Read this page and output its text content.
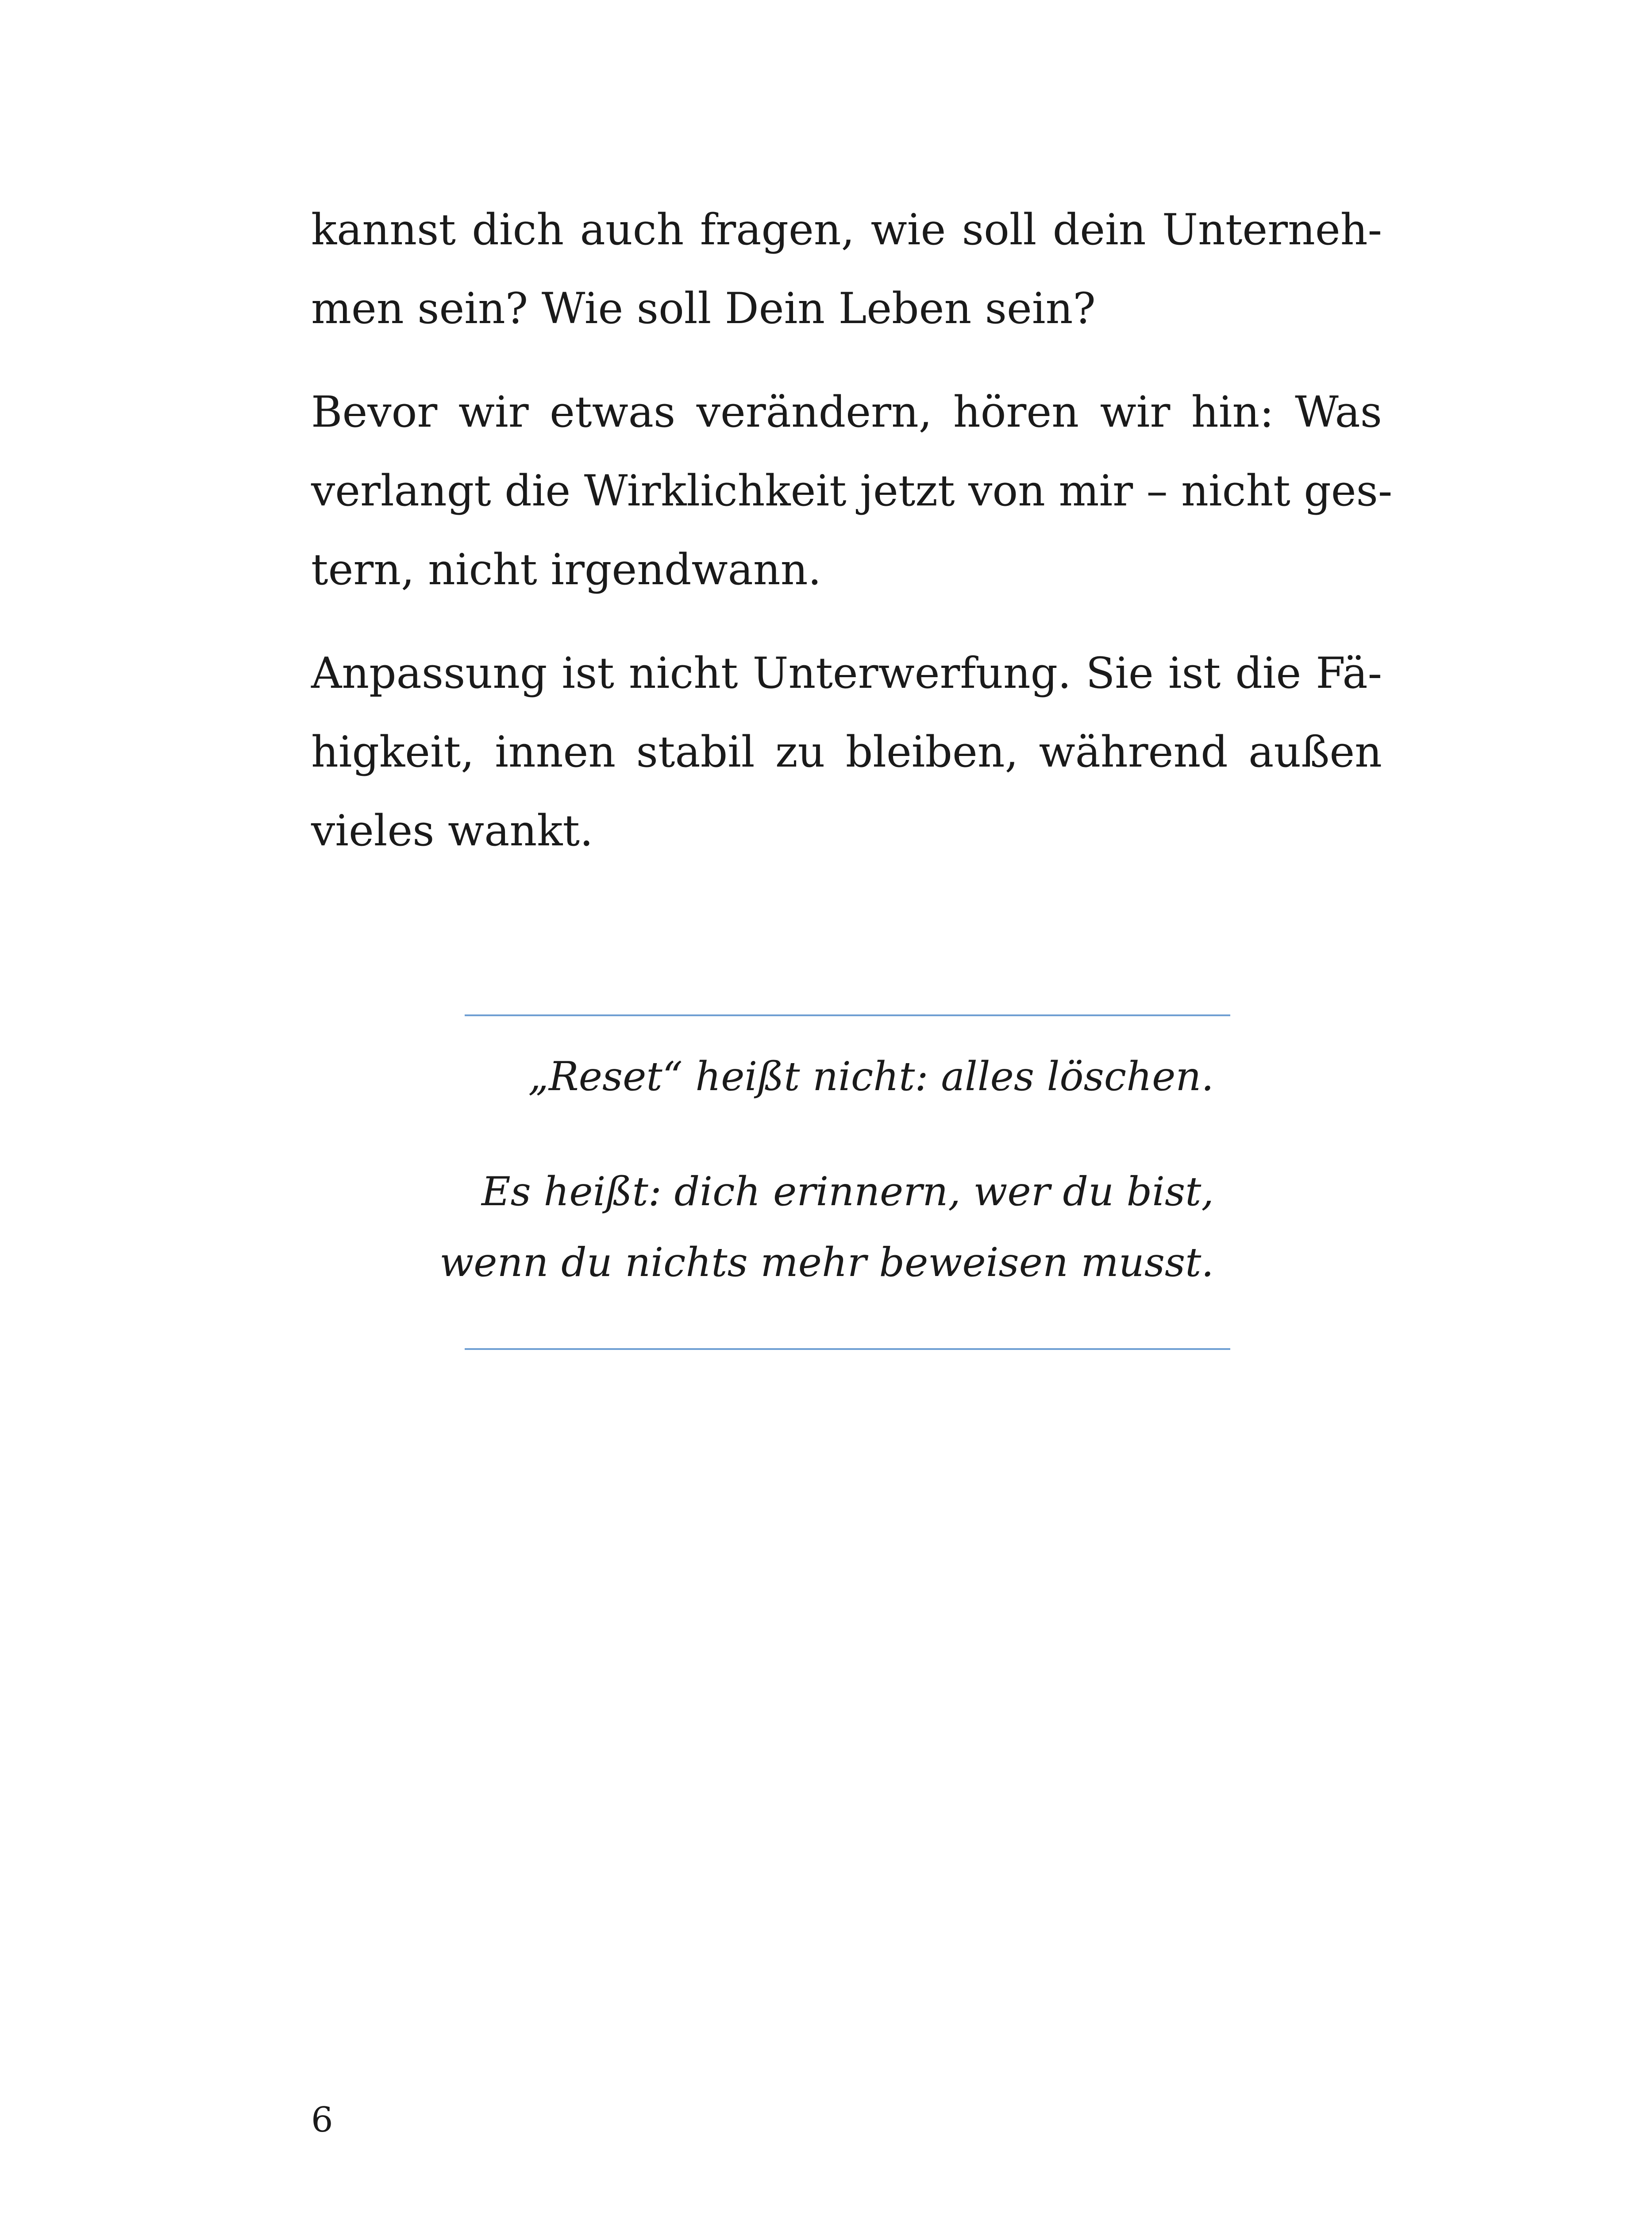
kannst dich auch fragen, wie soll dein Unterneh-
men sein? Wie soll Dein Leben sein?
Bevor wir etwas verändern, hören wir hin: Was
verlangt die Wirklichkeit jetzt von mir – nicht ges-
tern, nicht irgendwann.
Anpassung ist nicht Unterwerfung. Sie ist die Fä-
higkeit, innen stabil zu bleiben, während außen
vieles wankt.
„Reset“ heißt nicht: alles löschen.
Es heißt: dich erinnern, wer du bist,
wenn du nichts mehr beweisen musst.
6
